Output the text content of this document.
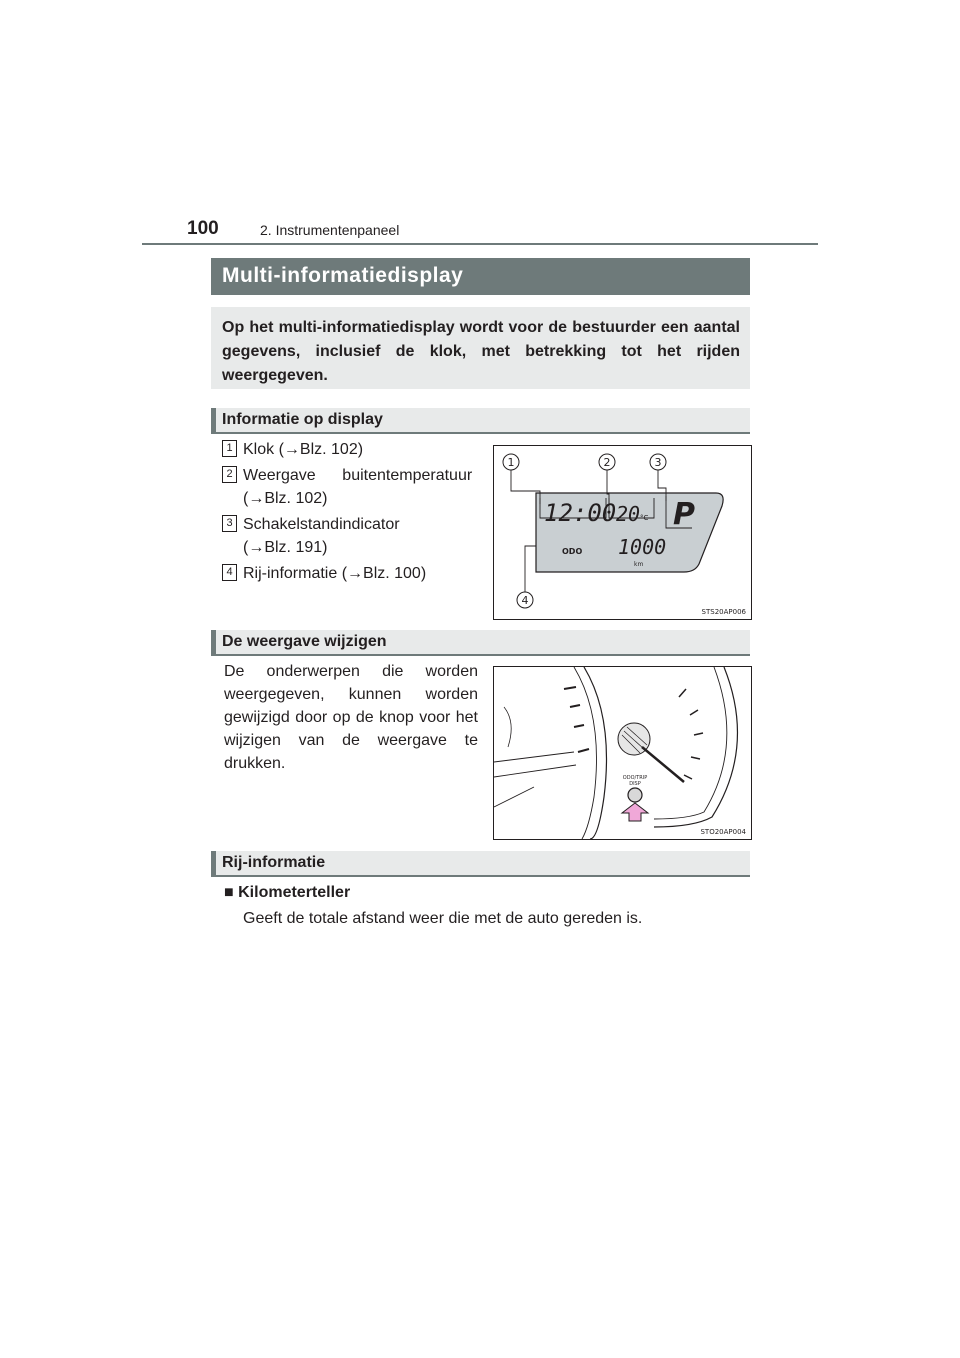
100	2. Instrumentenpaneel
Multi-informatiedisplay
Op het multi-informatiedisplay wordt voor de bestuurder een aantal gegevens, inclusief de klok, met betrekking tot het rijden weergegeven.
Informatie op display
1 Klok (→Blz. 102)
2 Weergave      buitentemperatuur
(→Blz. 102)
3 Schakelstandindicator
(→Blz. 191)
4 Rij-informatie (→Blz. 100)
12:00 20 °C P
ODO 1000
km
1	2	3
4
STS20AP006
De weergave wijzigen
De onderwerpen die worden weergegeven, kunnen worden gewijzigd door op de knop voor het wijzigen van de weergave te drukken.
ODO/TRIP
DISP
STO20AP004
Rij-informatie
■ Kilometerteller
Geeft de totale afstand weer die met de auto gereden is.
